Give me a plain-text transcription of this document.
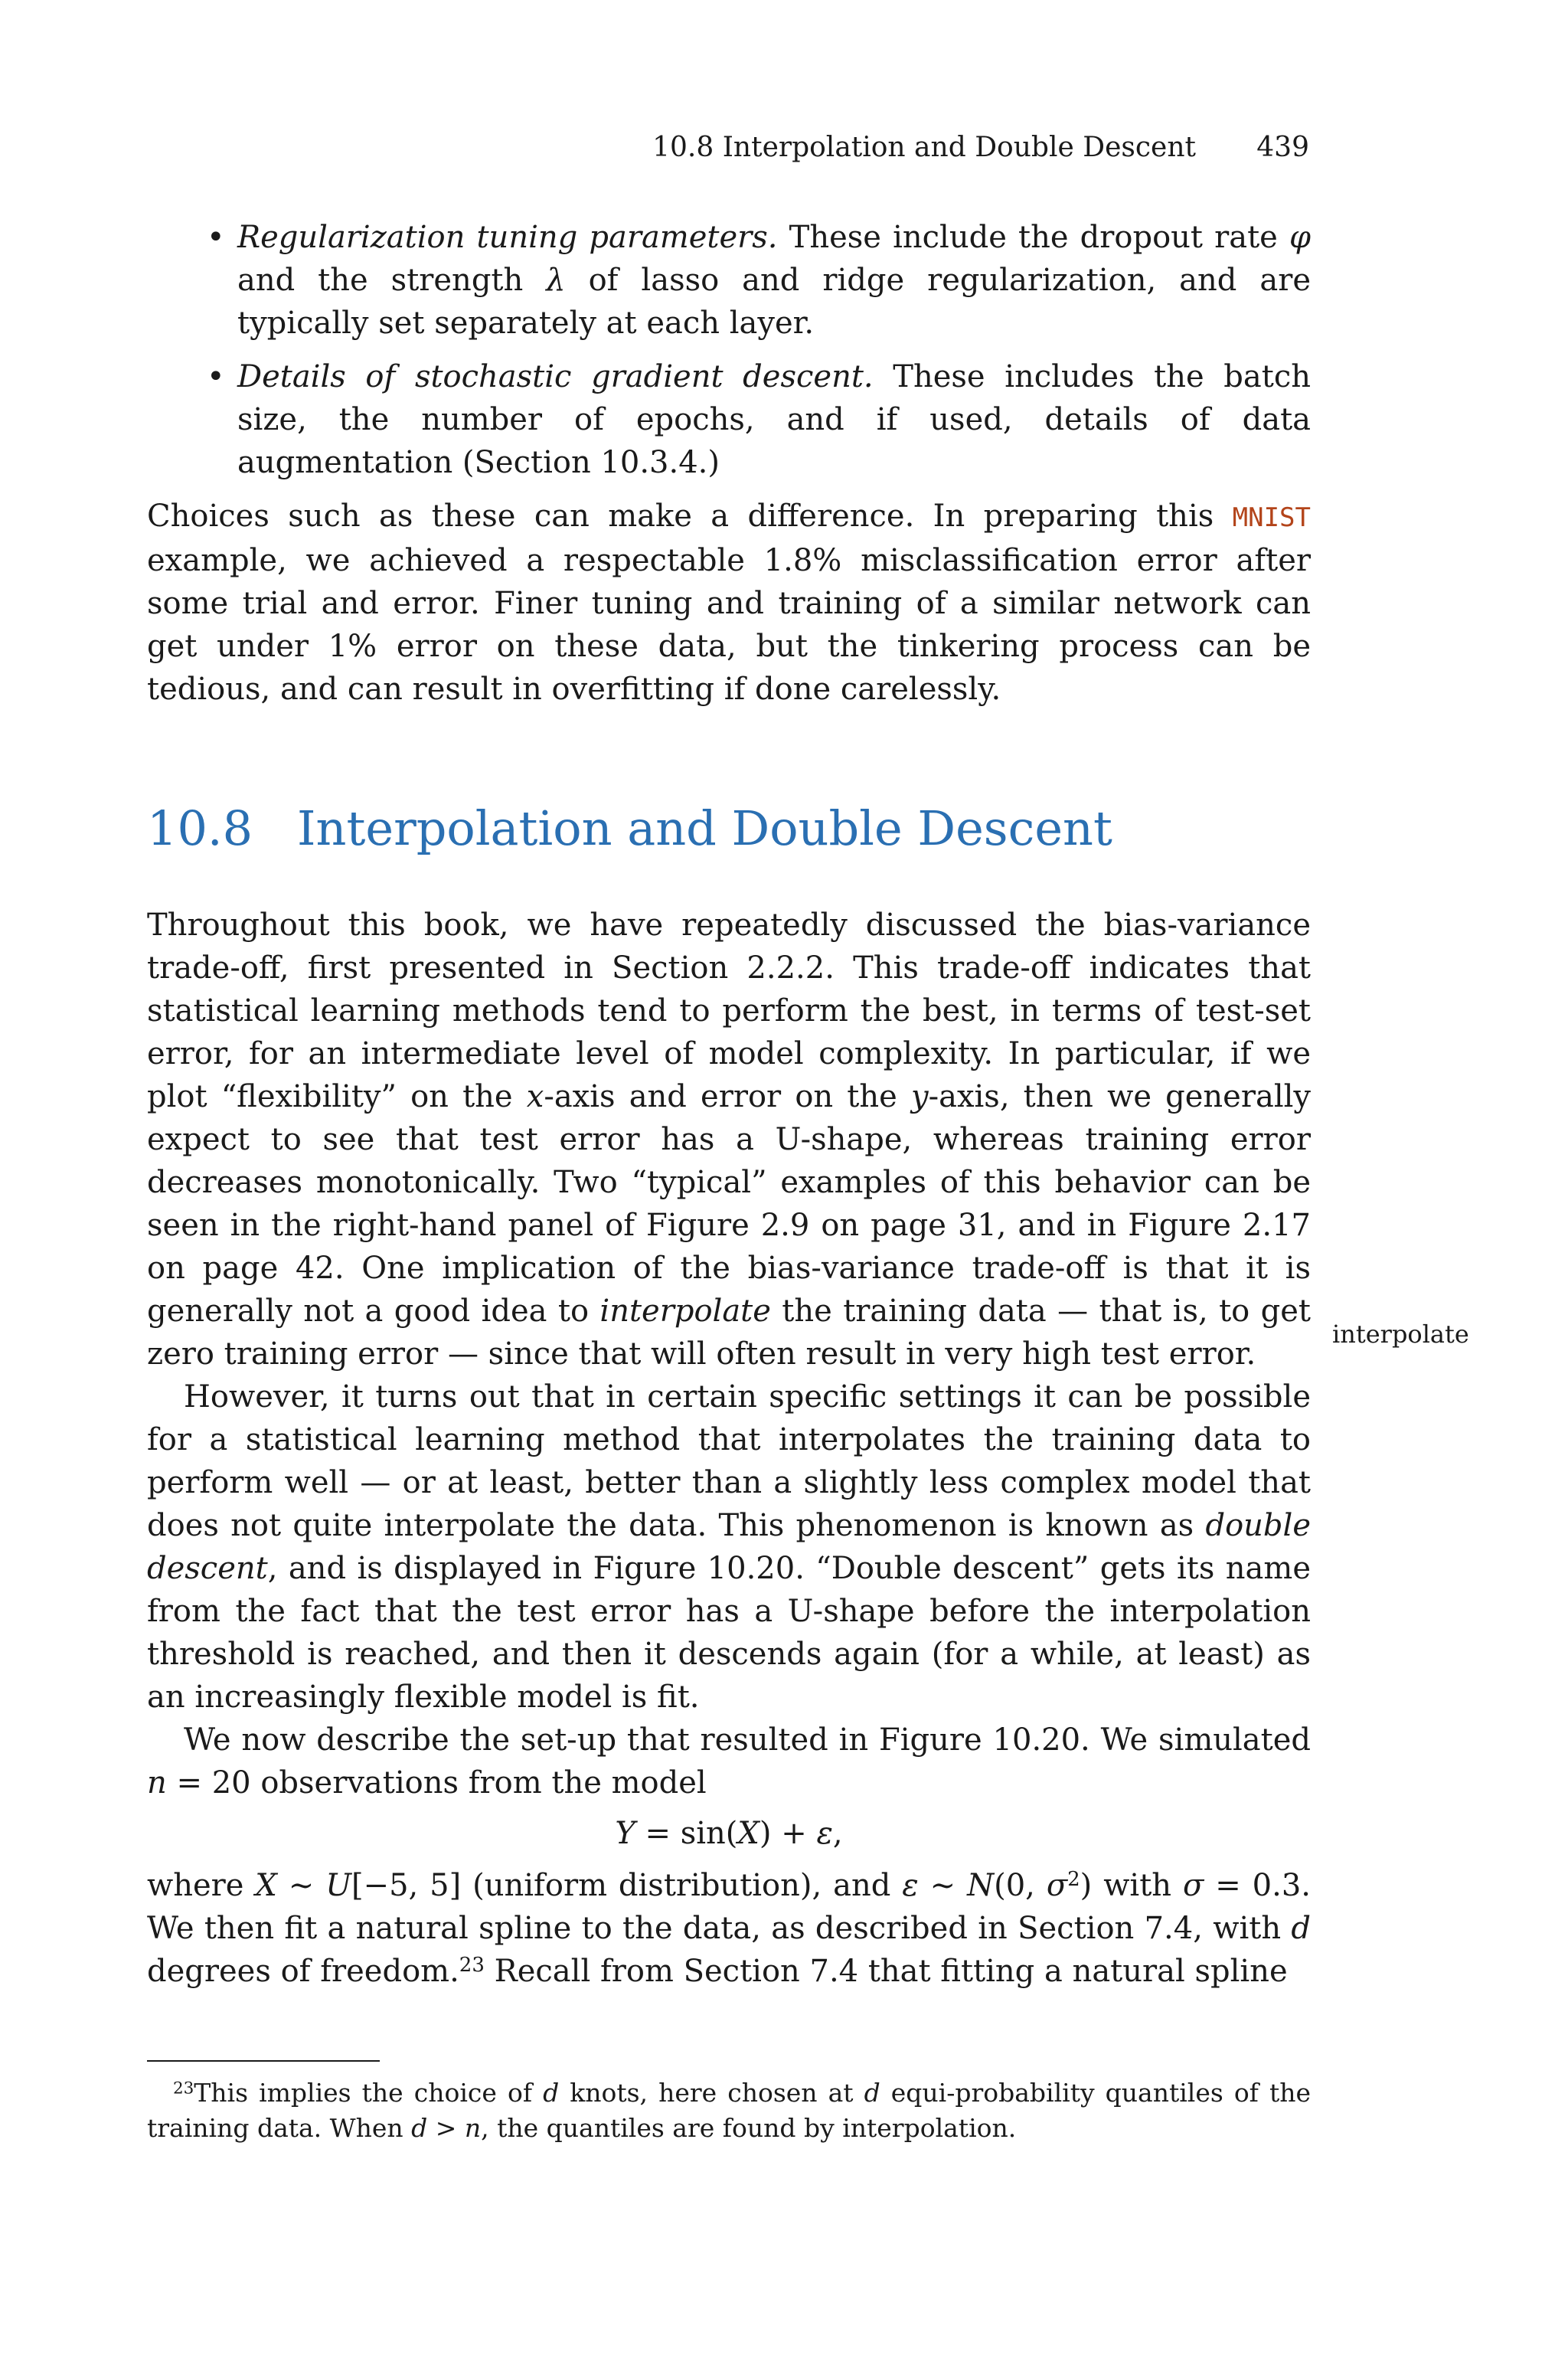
10.8 Interpolation and Double Descent 439
• Regularization tuning parameters. These include the dropout rate φ and the strength λ of lasso and ridge regularization, and are typically set separately at each layer.
• Details of stochastic gradient descent. These includes the batch size, the number of epochs, and if used, details of data augmentation (Section 10.3.4.)

Choices such as these can make a difference. In preparing this MNIST example, we achieved a respectable 1.8% misclassification error after some trial and error. Finer tuning and training of a similar network can get under 1% error on these data, but the tinkering process can be tedious, and can result in overfitting if done carelessly.

10.8 Interpolation and Double Descent

Throughout this book, we have repeatedly discussed the bias-variance trade-off, first presented in Section 2.2.2. This trade-off indicates that statistical learning methods tend to perform the best, in terms of test-set error, for an intermediate level of model complexity. In particular, if we plot “flexibility” on the x-axis and error on the y-axis, then we generally expect to see that test error has a U-shape, whereas training error decreases monotonically. Two “typical” examples of this behavior can be seen in the right-hand panel of Figure 2.9 on page 31, and in Figure 2.17 on page 42. One implication of the bias-variance trade-off is that it is generally not a good idea to interpolate the training data — that is, to get zero training error — since that will often result in very high test error.

However, it turns out that in certain specific settings it can be possible for a statistical learning method that interpolates the training data to perform well — or at least, better than a slightly less complex model that does not quite interpolate the data. This phenomenon is known as double descent, and is displayed in Figure 10.20. “Double descent” gets its name from the fact that the test error has a U-shape before the interpolation threshold is reached, and then it descends again (for a while, at least) as an increasingly flexible model is fit.

We now describe the set-up that resulted in Figure 10.20. We simulated n = 20 observations from the model

Y = sin(X) + ε,

where X ∼ U[−5, 5] (uniform distribution), and ε ∼ N(0, $\sigma^2$) with σ = 0.3. We then fit a natural spline to the data, as described in Section 7.4, with d degrees of freedom.$^{23}$ Recall from Section 7.4 that fitting a natural spline

interpolate
$^{23}$This implies the choice of d knots, here chosen at d equi-probability quantiles of the training data. When d > n, the quantiles are found by interpolation.
